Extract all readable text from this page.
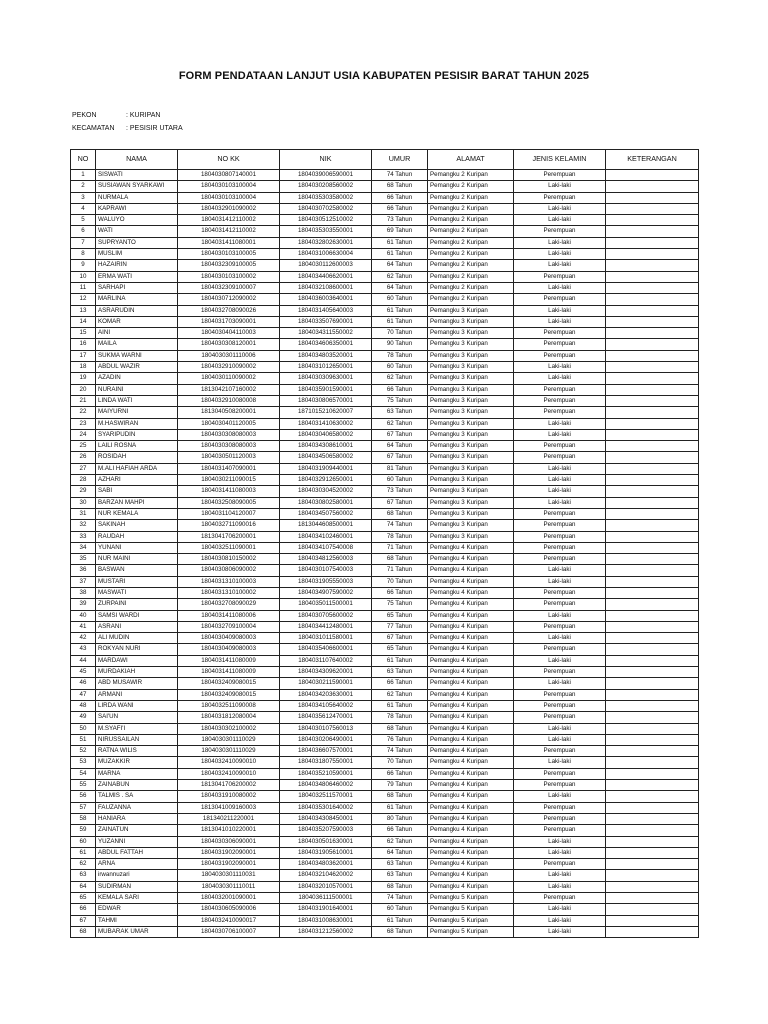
FORM PENDATAAN LANJUT USIA KABUPATEN PESISIR BARAT TAHUN 2025
PEKON	: KURIPAN
KECAMATAN : PESISIR UTARA
NO	NAMA	NO KK	NIK	UMUR	ALAMAT	JENIS KELAMIN	KETERANGAN
1	SISWATI	1804030807140001	1804039006590001	74 Tahun	Pemangku 2 Kuripan	Perempuan	
2	SUSIAWAN SYARKAWI	1804030103100004	1804030208560002	68 Tahun	Pemangku 2 Kuripan	Laki-laki	
3	NURMALA	1804030103100004	1804035303580002	66 Tahun	Pemangku 2 Kuripan	Perempuan	
4	KAPRAWI	1804032901090002	1804030702580002	66 Tahun	Pemangku 2 Kuripan	Laki-laki	
5	WALUYO	1804031412110002	1804030512510002	73 Tahun	Pemangku 2 Kuripan	Laki-laki	
6	WATI	1804031412110002	1804035303550001	69 Tahun	Pemangku 2 Kuripan	Perempuan	
7	SUPRYANTO	1804031411080001	1804032802630001	61 Tahun	Pemangku 2 Kuripan	Laki-laki	
8	MUSLIM	1804030103100005	1804031006630004	61 Tahun	Pemangku 2 Kuripan	Laki-laki	
9	HAZAIRIN	1804032309100005	1804030112600003	64 Tahun	Pemangku 2 Kuripan	Laki-laki	
10	ERMA WATI	1804030103100002	1804034406620001	62 Tahun	Pemangku 2 Kuripan	Perempuan	
11	SARHAPI	1804032309100007	1804032108600001	64 Tahun	Pemangku 2 Kuripan	Laki-laki	
12	MARLINA	1804030712090002	1804036003640001	60 Tahun	Pemangku 2 Kuripan	Perempuan	
13	ASRARUDIN	1804032708090026	1804031405640003	61 Tahun	Pemangku 3 Kuripan	Laki-laki	
14	KOMAR	1804031703090001	1804033507690001	61 Tahun	Pemangku 3 Kuripan	Laki-laki	
15	AINI	1804030404110003	1804034311550002	70 Tahun	Pemangku 3 Kuripan	Perempuan	
16	MAILA	1804030308120001	1804034606350001	90 Tahun	Pemangku 3 Kuripan	Perempuan	
17	SUKMA WARNI	1804030301110006	1804034803520001	78 Tahun	Pemangku 3 Kuripan	Perempuan	
18	ABDUL WAZIR	1804032910090002	1804031012650001	60 Tahun	Pemangku 3 Kuripan	Laki-laki	
19	AZADIN	1804030110090002	1804030309630001	62 Tahun	Pemangku 3 Kuripan	Laki-laki	
20	NURAINI	1813042107160002	1804035901590001	66 Tahun	Pemangku 3 Kuripan	Perempuan	
21	LINDA WATI	1804032910080008	1804030806570001	75 Tahun	Pemangku 3 Kuripan	Perempuan	
22	MAIYURNI	1813040508200001	1871015210620007	63 Tahun	Pemangku 3 Kuripan	Perempuan	
23	M.HASWIRAN	1804030401120005	1804031410630002	62 Tahun	Pemangku 3 Kuripan	Laki-laki	
24	SYARIPUDIN	1804030308080003	1804030406580002	67 Tahun	Pemangku 3 Kuripan	Laki-laki	
25	LAILI ROSNA	1804030308080003	1804034308610001	64 Tahun	Pemangku 3 Kuripan	Perempuan	
26	ROSIDAH	1804030501120003	1804034506580002	67 Tahun	Pemangku 3 Kuripan	Perempuan	
27	M.ALI HAFIAH ARDA	1804031407090001	1804031909440001	81 Tahun	Pemangku 3 Kuripan	Laki-laki	
28	AZHARI	1804030211090015	1804032912650001	60 Tahun	Pemangku 3 Kuripan	Laki-laki	
29	SABI	1804031411080003	1804030304520002	73 Tahun	Pemangku 3 Kuripan	Laki-laki	
30	BARZAN MAHPI	1804032508090005	1804030802580001	67 Tahun	Pemangku 3 Kuripan	Laki-laki	
31	NUR KEMALA	1804031104120007	1804034507560002	68 Tahun	Pemangku 3 Kuripan	Perempuan	
32	SAKINAH	1804032711090016	1813044608500001	74 Tahun	Pemangku 3 Kuripan	Perempuan	
33	RAUDAH	1813041706200001	1804034102460001	78 Tahun	Pemangku 3 Kuripan	Perempuan	
34	YUNANI	1804032511090001	1804034107540008	71 Tahun	Pemangku 4 Kuripan	Perempuan	
35	NUR MAINI	1804030810150002	1804034812560003	68 Tahun	Pemangku 4 Kuripan	Perempuan	
36	BASWAN	1804030806090002	1804030107540003	71 Tahun	Pemangku 4 Kuripan	Laki-laki	
37	MUSTARI	1804031310100003	1804031905550003	70 Tahun	Pemangku 4 Kuripan	Laki-laki	
38	MASWATI	1804031310100002	1804034907590002	66 Tahun	Pemangku 4 Kuripan	Perempuan	
39	ZURPAINI	1804032708090029	1804035011500001	75 Tahun	Pemangku 4 Kuripan	Perempuan	
40	SAMSI WARDI	1804031411080006	1804030705600002	65 Tahun	Pemangku 4 Kuripan	Laki-laki	
41	ASRANI	1804032709100004	1804034412480001	77 Tahun	Pemangku 4 Kuripan	Perempuan	
42	ALI MUDIN	1804030409080003	1804031011580001	67 Tahun	Pemangku 4 Kuripan	Laki-laki	
43	ROKYAN NURI	1804030409080003	1804035406600001	65 Tahun	Pemangku 4 Kuripan	Perempuan	
44	MARDAWI	1804031411080009	1804031107640002	61 Tahun	Pemangku 4 Kuripan	Laki-laki	
45	MURDAKIAH	1804031411080009	1804034309620001	63 Tahun	Pemangku 4 Kuripan	Perempuan	
46	ABD MUSAWIR	1804032409080015	1804030211590001	66 Tahun	Pemangku 4 Kuripan	Laki-laki	
47	ARMANI	1804032409080015	1804034203630001	62 Tahun	Pemangku 4 Kuripan	Perempuan	
48	LIRDA WANI	1804032511090008	1804034105640002	61 Tahun	Pemangku 4 Kuripan	Perempuan	
49	SAI'UN	1804031812080004	1804035612470001	78 Tahun	Pemangku 4 Kuripan	Perempuan	
50	M.SYAFI'I	1804030302100002	1804030107560013	68 Tahun	Pemangku 4 Kuripan	Laki-laki	
51	NIRUSSAILAN	1804030301110029	1804030206490001	76 Tahun	Pemangku 4 Kuripan	Laki-laki	
52	RATNA WILIS	1804030301110029	1804036607570001	74 Tahun	Pemangku 4 Kuripan	Perempuan	
53	MUZAKKIR	1804032410090010	1804031807550001	70 Tahun	Pemangku 4 Kuripan	Laki-laki	
54	MARNA	1804032410090010	1804035210590001	66 Tahun	Pemangku 4 Kuripan	Perempuan	
55	ZAINABUN	1813041706200002	1804034806460002	79 Tahun	Pemangku 4 Kuripan	Perempuan	
56	TALMIS . SA	1804031910080002	1804032511570001	68 Tahun	Pemangku 4 Kuripan	Laki-laki	
57	FAUZANNA	1813041009160003	1804035301640002	61 Tahun	Pemangku 4 Kuripan	Perempuan	
58	HANIARA	181340211220001	1804034308450001	80 Tahun	Pemangku 4 Kuripan	Perempuan	
59	ZAINATUN	1813041010220001	1804035207590003	66 Tahun	Pemangku 4 Kuripan	Perempuan	
60	YUZANNI	1804030306090001	1804030501630001	62 Tahun	Pemangku 4 Kuripan	Laki-laki	
61	ABDUL FATTAH	1804031902090001	1804031905610001	64 Tahun	Pemangku 4 Kuripan	Laki-laki	
62	ARNA	1804031902090001	1804034803620001	63 Tahun	Pemangku 4 Kuripan	Perempuan	
63	irwannuzari	1804030301110031	1804032104620002	63 Tahun	Pemangku 4 Kuripan	Laki-laki	
64	SUDIRMAN	1804030301110011	1804032010570001	68 Tahun	Pemangku 4 Kuripan	Laki-laki	
65	KEMALA SARI	1804032001090001	1804036111500001	74 Tahun	Pemangku 5 Kuripan	Perempuan	
66	EDWAR	1804030605090006	1804031901640001	60 Tahun	Pemangku 5 Kuripan	Laki-laki	
67	TAHMI	1804032410090017	1804031008630001	61 Tahun	Pemangku 5 Kuripan	Laki-laki	
68	MUBARAK UMAR	1804030706100007	1804031212560002	68 Tahun	Pemangku 5 Kuripan	Laki-laki	
